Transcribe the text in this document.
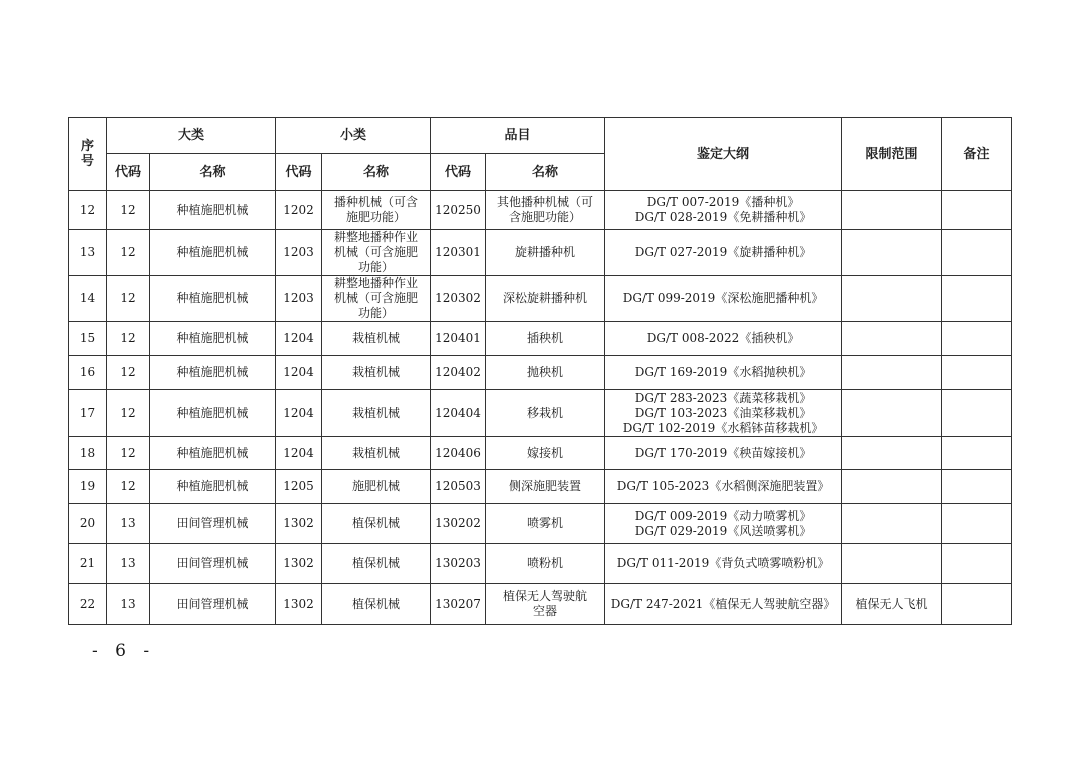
序
号	大类		小类		品目		鉴定大纲	限制范围	备注
	代码	名称	代码	名称	代码	名称			
12	12	种植施肥机械	1202	播种机械（可含
施肥功能）	120250	其他播种机械（可
含施肥功能）	DG/T 007-2019《播种机》
DG/T 028-2019《免耕播种机》		
13	12	种植施肥机械	1203	耕整地播种作业
机械（可含施肥
功能）	120301	旋耕播种机	DG/T 027-2019《旋耕播种机》		
14	12	种植施肥机械	1203	耕整地播种作业
机械（可含施肥
功能）	120302	深松旋耕播种机	DG/T 099-2019《深松施肥播种机》		
15	12	种植施肥机械	1204	栽植机械	120401	插秧机	DG/T 008-2022《插秧机》		
16	12	种植施肥机械	1204	栽植机械	120402	抛秧机	DG/T 169-2019《水稻抛秧机》		
17	12	种植施肥机械	1204	栽植机械	120404	移栽机	DG/T 283-2023《蔬菜移栽机》
DG/T 103-2023《油菜移栽机》
DG/T 102-2019《水稻钵苗移栽机》		
18	12	种植施肥机械	1204	栽植机械	120406	嫁接机	DG/T 170-2019《秧苗嫁接机》		
19	12	种植施肥机械	1205	施肥机械	120503	侧深施肥装置	DG/T 105-2023《水稻侧深施肥装置》		
20	13	田间管理机械	1302	植保机械	130202	喷雾机	DG/T 009-2019《动力喷雾机》
DG/T 029-2019《风送喷雾机》		
21	13	田间管理机械	1302	植保机械	130203	喷粉机	DG/T 011-2019《背负式喷雾喷粉机》		
22	13	田间管理机械	1302	植保机械	130207	植保无人驾驶航
空器	DG/T 247-2021《植保无人驾驶航空器》	植保无人飞机	
- 6 -
